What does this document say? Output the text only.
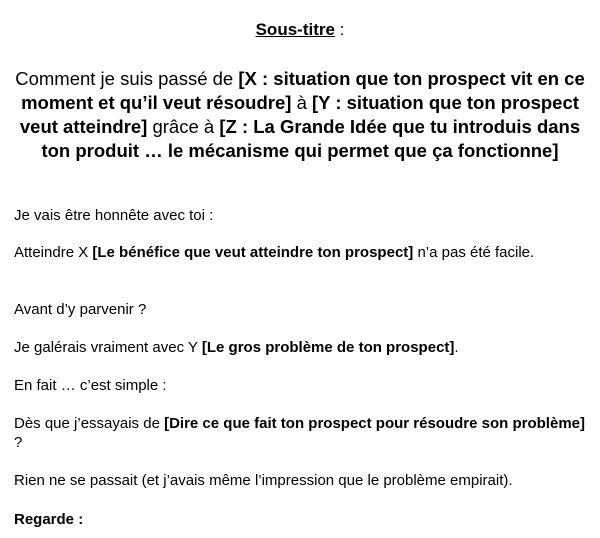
Sous-titre :
Comment je suis passé de [X : situation que ton prospect vit en ce moment et qu’il veut résoudre] à [Y : situation que ton prospect veut atteindre] grâce à [Z : La Grande Idée que tu introduis dans ton produit … le mécanisme qui permet que ça fonctionne]
Je vais être honnête avec toi :
Atteindre X [Le bénéfice que veut atteindre ton prospect] n’a pas été facile.
Avant d’y parvenir ?
Je galérais vraiment avec Y [Le gros problème de ton prospect].
En fait … c’est simple :
Dès que j’essayais de [Dire ce que fait ton prospect pour résoudre son problème] ?
Rien ne se passait (et j’avais même l’impression que le problème empirait).
Regarde :
